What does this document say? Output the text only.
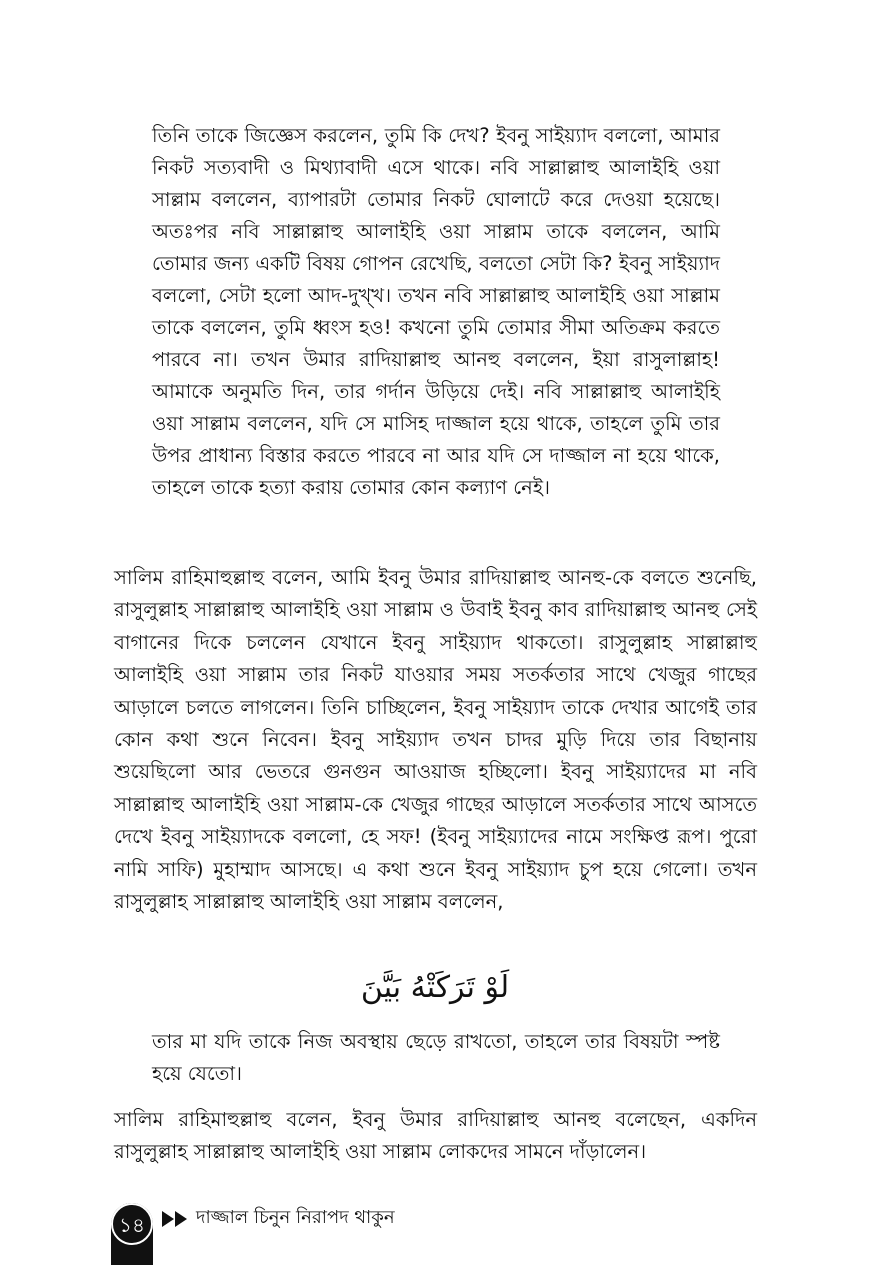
তিনি তাকে জিজ্ঞেস করলেন, তুমি কি দেখ? ইবনু সাইয়্যাদ বললো, আমার নিকট সত্যবাদী ও মিথ্যাবাদী এসে থাকে। নবি সাল্লাল্লাহু আলাইহি ওয়া সাল্লাম বললেন, ব্যাপারটা তোমার নিকট ঘোলাটে করে দেওয়া হয়েছে। অতঃপর নবি সাল্লাল্লাহু আলাইহি ওয়া সাল্লাম তাকে বললেন, আমি তোমার জন্য একটি বিষয় গোপন রেখেছি, বলতো সেটা কি? ইবনু সাইয়্যাদ বললো, সেটা হলো আদ-দুখ্‌খ। তখন নবি সাল্লাল্লাহু আলাইহি ওয়া সাল্লাম তাকে বললেন, তুমি ধ্বংস হও! কখনো তুমি তোমার সীমা অতিক্রম করতে পারবে না। তখন উমার রাদিয়াল্লাহু আনহু বললেন, ইয়া রাসুলাল্লাহ! আমাকে অনুমতি দিন, তার গর্দান উড়িয়ে দেই। নবি সাল্লাল্লাহু আলাইহি ওয়া সাল্লাম বললেন, যদি সে মাসিহ দাজ্জাল হয়ে থাকে, তাহলে তুমি তার উপর প্রাধান্য বিস্তার করতে পারবে না আর যদি সে দাজ্জাল না হয়ে থাকে, তাহলে তাকে হত্যা করায় তোমার কোন কল্যাণ নেই।
সালিম রাহিমাহুল্লাহু বলেন, আমি ইবনু উমার রাদিয়াল্লাহু আনহু-কে বলতে শুনেছি, রাসুলুল্লাহ সাল্লাল্লাহু আলাইহি ওয়া সাল্লাম ও উবাই ইবনু কাব রাদিয়াল্লাহু আনহু সেই বাগানের দিকে চললেন যেখানে ইবনু সাইয়্যাদ থাকতো। রাসুলুল্লাহ সাল্লাল্লাহু আলাইহি ওয়া সাল্লাম তার নিকট যাওয়ার সময় সতর্কতার সাথে খেজুর গাছের আড়ালে চলতে লাগলেন। তিনি চাচ্ছিলেন, ইবনু সাইয়্যাদ তাকে দেখার আগেই তার কোন কথা শুনে নিবেন। ইবনু সাইয়্যাদ তখন চাদর মুড়ি দিয়ে তার বিছানায় শুয়েছিলো আর ভেতরে গুনগুন আওয়াজ হচ্ছিলো। ইবনু সাইয়্যাদের মা নবি সাল্লাল্লাহু আলাইহি ওয়া সাল্লাম-কে খেজুর গাছের আড়ালে সতর্কতার সাথে আসতে দেখে ইবনু সাইয়্যাদকে বললো, হে সফ! (ইবনু সাইয়্যাদের নামে সংক্ষিপ্ত রূপ। পুরো নামি সাফি) মুহাম্মাদ আসছে। এ কথা শুনে ইবনু সাইয়্যাদ চুপ হয়ে গেলো। তখন রাসুলুল্লাহ সাল্লাল্লাহু আলাইহি ওয়া সাল্লাম বললেন,
لَوْ تَرَكَتْهُ بَيَّنَ
তার মা যদি তাকে নিজ অবস্থায় ছেড়ে রাখতো, তাহলে তার বিষয়টা স্পষ্ট হয়ে যেতো।
সালিম রাহিমাহুল্লাহু বলেন, ইবনু উমার রাদিয়াল্লাহু আনহু বলেছেন, একদিন রাসুলুল্লাহ সাল্লাল্লাহু আলাইহি ওয়া সাল্লাম লোকদের সামনে দাঁড়ালেন।
১৪	দাজ্জাল চিনুন নিরাপদ থাকুন
